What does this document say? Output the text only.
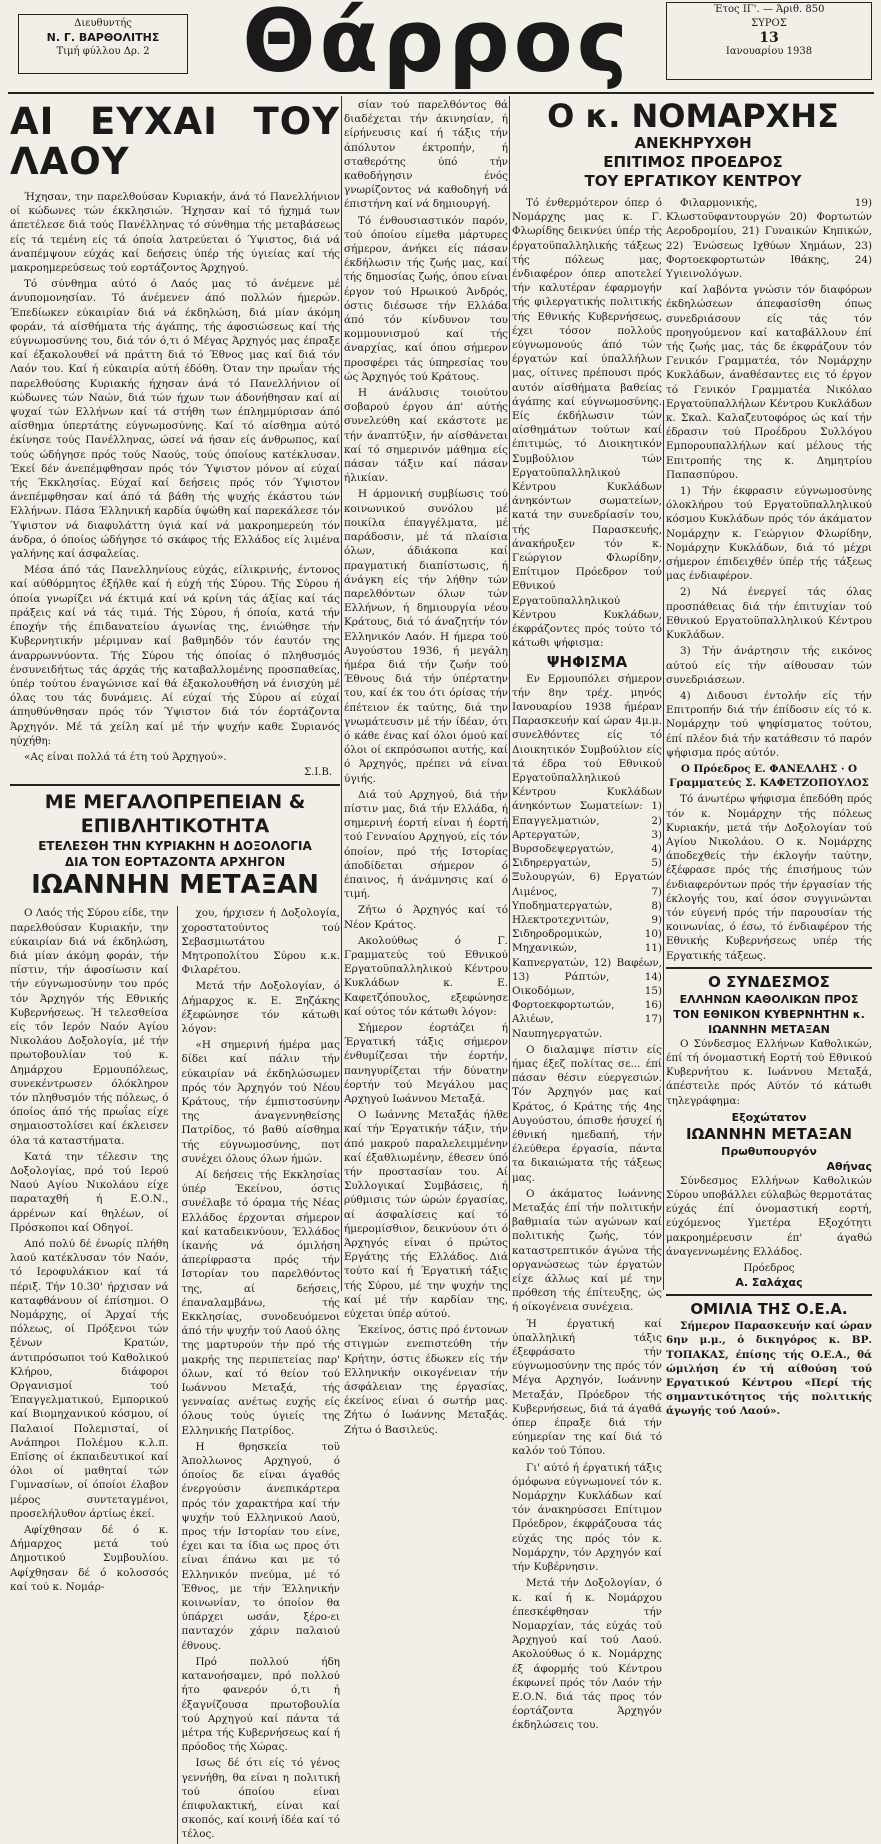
Διευθυντής
Ν. Γ. ΒΑΡΘΟΛΙΤΗΣ
Τιμή φύλλου Δρ. 2	Θάρρος	Έτος ΙΓ'. — Άριθ. 850
ΣΥΡΟΣ
13
Ιανουαρίου 1938
ΑΙ ΕΥΧΑΙ ΤΟΥ ΛΑΟΥ

Ήχησαν, την παρελθούσαν Κυριακήν, άνά τό Πανελλήνιον οί κώδωνες τών έκκλησιών. Ήχησαν καί τό ήχημά των άπετέλεσε διά τούς Πανέλληνας τό σύνθημα τής μεταβάσεως είς τά τεμένη είς τά όποία λατρεύεται ό Ύψιστος, διά νά άναπέμψουν εύχάς καί δεήσεις ύπέρ τής ύγιείας καί τής μακροημερεύσεως τού εορτάζοντος Άρχηγού.

Τό σύνθημα αύτό ό Λαός μας τό άνέμενε μέ άνυπομονησίαν. Τό άνέμενεν άπό πολλών ήμερών. Έπεδίωκεν εύκαιρίαν διά νά έκδηλώση, διά μίαν άκόμη φοράν, τά αίσθήματα τής άγάπης, τής άφοσιώσεως καί τής εύγνωμοσύνης του, διά τόν ό,τι ό Μέγας Άρχηγός μας έπραξε καί έξακολουθεί νά πράττη διά τό Έθνος μας καί διά τόν Λαόν του. Καί ή εύκαιρία αύτή έδόθη. Όταν την πρωΐαν τής παρελθούσης Κυριακής ήχησαν άνά τό Πανελλήνιον οί κώδωνες τών Ναών, διά τών ήχων των άδονήθησαν καί αί ψυχαί τών Ελλήνων καί τά στήθη των έπλημμύρισαν άπό αίσθημα ύπερτάτης εύγνωμοσύνης. Καί τό αίσθημα αύτό έκίνησε τούς Πανέλληνας, ώσεί νά ήσαν είς άνθρωπος, καί τούς ώδήγησε πρός τούς Ναούς, τούς όποίους κατέκλυσαν. Έκεί δέν άνεπέμφθησαν πρός τόν Ύψιστον μόνον αί εύχαί τής Έκκλησίας. Εύχαί καί δεήσεις πρός τόν Ύψιστον άνεπέμφθησαν καί άπό τά βάθη τής ψυχής έκάστου τών Ελλήνων. Πάσα Έλληνική καρδία ύψώθη καί παρεκάλεσε τόν Ύψιστον νά διαφυλάττη ύγιά καί νά μακροημερεύη τόν άνδρα, ό όποίος ώδήγησε τό σκάφος τής Ελλάδος είς λιμένα γαλήνης καί άσφαλείας.

Μέσα άπό τάς Πανελληνίους εύχάς, είλικρινής, έντονος καί αύθόρμητος έξήλθε καί ή εύχή τής Σύρου. Τής Σύρου ή όποία γνωρίζει νά έκτιμά καί νά κρίνη τάς άξίας καί τάς πράξεις καί νά τάς τιμά. Τής Σύρου, ή όποία, κατά τήν έποχήν τής έπιδανατείου άγωνίας της, ένιώθησε τήν Κυβερνητικήν μέριμναν καί βαθμηδόν τόν έαυτόν της άναρρωννύοντα. Τής Σύρου τής όποίας ό πληθυσμός ένσυνειδήτως τάς άρχάς τής καταβαλλομένης προσπαθείας, ύπέρ τούτου έναγώνισε καί θά έξακολουθήση νά ένισχύη μέ όλας του τάς δυνάμεις. Αί εύχαί τής Σύρου αί εύχαί άπηυθύνθησαν πρός τόν Ύψιστον διά τόν έορτάζοντα Άρχηγόν. Μέ τά χείλη καί μέ τήν ψυχήν καθε Συριανός ηύχήθη:

«Ας είναι πολλά τά έτη τού Άρχηγού».

Σ.Ι.Β.
ΜΕ ΜΕΓΑΛΟΠΡΕΠΕΙΑΝ & ΕΠΙΒΛΗΤΙΚΟΤΗΤΑ
ΕΤΕΛΕΣΘΗ ΤΗΝ ΚΥΡΙΑΚΗΝ Η ΔΟΞΟΛΟΓΙΑ
ΔΙΑ ΤΟΝ ΕΟΡΤΑΖΟΝΤΑ ΑΡΧΗΓΟΝ
ΙΩΑΝΝΗΝ ΜΕΤΑΞΑΝ

Ο Λαός τής Σύρου είδε, την παρελθούσαν Κυριακήν, την εύκαιρίαν διά νά έκδηλώση, διά μίαν άκόμη φοράν, τήν πίστιν, τήν άφοσίωσιν καί τήν εύγνωμοσύνην του πρός τόν Άρχηγόν τής Εθνικής Κυβερνήσεως. Ή τελεσθείσα είς τόν Ιερόν Ναόν Αγίου Νικολάου Δοξολογία, μέ τήν πρωτοβουλίαν τού κ. Δημάρχου Ερμουπόλεως, συνεκέντρωσεν όλόκληρον τόν πληθυσμόν τής πόλεως, ό όποίος άπό τής πρωΐας είχε σημαιοστολίσει καί έκλεισεν όλα τά καταστήματα.

Κατά την τέλεσιν της Δοξολογίας, πρό τού Ιερού Ναού Αγίου Νικολάου είχε παραταχθή ή Ε.Ο.Ν., άρρένων καί θηλέων, οί Πρόσκοποι καί Οδηγοί.

Από πολύ δέ ένωρίς πλήθη λαού κατέκλυσαν τόν Ναόν, τό Ιεροφυλάκιον καί τά πέριξ. Τήν 10.30' ήρχισαν νά καταφθάνουν οί έπίσημοι. Ο Νομάρχης, οί Άρχαί τής πόλεως, οί Πρόξενοι τών ξένων Κρατών, άντιπρόσωποι τού Καθολικού Κλήρου, διάφοροι Οργανισμοί τού Έπαγγελματικού, Εμπορικού καί Βιομηχανικού κόσμου, οί Παλαιοί Πολεμισταί, οί Ανάπηροι Πολέμου κ.λ.π. Επίσης οί έκπαιδευτικοί καί όλοι οί μαθηταί τών Γυμνασίων, οί όποίοι έλαβον μέρος συντεταγμένοι, προσελήλυθον άρτίως έκεί.

Αφίχθησαν δέ ό κ. Δήμαρχος μετά τού Δημοτικού Συμβουλίου. Αφίχθησαν δέ ό κολοσσός καί τού κ. Νομάρ-

χου, ήρχισεν ή Δοξολογία, χοροστατούντος τού Σεβασμιωτάτου Μητροπολίτου Σύρου κ.κ. Φιλαρέτου.

Μετά τήν Δοξολογίαν, ό Δήμαρχος κ. Ε. Ξηζάκης έξεφώνησε τόν κάτωθι λόγον:

«Η σημερινή ήμέρα μας δίδει καί πάλιν τήν εύκαιρίαν νά έκδηλώσωμεν πρός τόν Άρχηγόν τού Νέου Κράτους, τήν έμπιστοσύνην της άναγεννηθείσης Πατρίδος, τό βαθύ αίσθημα τής εύγνωμοσύνης, ποτ συνέχει όλους όλων ήμών.

Αί δεήσεις τής Εκκλησίας ύπέρ Έκείνου, όστις συνέλαβε τό όραμα τής Νέας Ελλάδος έρχονται σήμερον καί καταδεικνύουν, Έλλάδος ίκανής νά όμιλήση άπερίφραστα πρός τήν Ιστορίαν του παρελθόντος της, αί δεήσεις, έπαναλαμβάνω, τής Εκκλησίας, συνοδευόμενοι άπό τήν ψυχήν τού Λαού όλης της μαρτυρούν τήν πρό τής μακρής της περιπετείας παρ' όλων, καί τό θείον τού Ιωάννου Μεταξά, τής γενναίας ανέτως ευχής είς όλους τούς ύγιείς της Ελληνικής Πατρίδος.

Η θρησκεία τοϋ Άπολλωνος Αρχηγού, ό όποίος δε είναι άγαθός ένεργούσιν άνεπικάρτερα πρός τόν χαρακτήρα καί τήν ψυχήν τού Ελληνικού Λαού, προς τήν Ιστορίαν του είνε, έχει και τα ίδια ως προς ότι είναι έπάνω και με τό Ελληνικόν πνεύμα, μέ τό Έθνος, με τήν Έλληνικήν κοινωνίαν, το όποίον θα ύπάρχει ωσάν, ξέρο-ει πανταχόν χάριν παλαιού έθνους.

Πρό πολλού ήδη κατανοήσαμεν, πρό πολλού ήτο φανερόν ό,τι ή έξαγνίζουσα πρωτοβουλία τού Αρχηγού καί πάντα τά μέτρα τής Κυβερνήσεως καί ή πρόοδος τής Χώρας.

Ισως δέ ότι είς τό γένος γεννήθη, θα είναι η πολιτική τού όποίου είναι έπιφυλακτική, είναι καί σκοπός, καί κοινή ίδέα καί τό τέλος.

σίαν τού παρελθόντος θά διαδέχεται τήν άκινησίαν, ή είρήνευσις καί ή τάξις τήν άπόλυτον έκτροπήν, ή σταθερότης ύπό τήν καθοδήγησιν ένός γνωρίζοντος νά καθοδηγή νά έπιστήνη καί νά δημιουργή.

Τό ένθουσιαστικόν παρόν, τού όποίου είμεθα μάρτυρες σήμερον, άνήκει είς πάσαν έκδήλωσιν τής ζωής μας, καί τής δημοσίας ζωής, όπου είναι έργον τού Ηρωικού Άνδρός, όστις διέσωσε τήν Ελλάδα άπό τόν κίνδυνον του κομμουνισμού καί τής άναρχίας, καί όπου σήμερον προσφέρει τάς ύπηρεσίας του ώς Άρχηγός τού Κράτους.

Η άνάλυσις τοιούτου σοβαρού έργου άπ' αύτής συνελεύθη καί εκάστοτε με τήν άναπτύξιν, ήν αίσθάνεται καί τό σημερινόν μάθημα είς πάσαν τάξιν καί πάσαν ήλικίαν.

Η άρμονική συμβίωσις τού κοινωνικού συνόλου μέ ποικίλα έπαγγέλματα, μέ παράδοσιν, μέ τά πλαίσια όλων, άδιάκοπα καί πραγματική διαπίστωσις, ή άνάγκη είς τήν λήθην τών παρελθόντων όλων τών Ελλήνων, ή δημιουργία νέου Κράτους, διά τό άναζητήν τόν Ελληνικόν Λαόν. Η ήμερα τού Αυγούστου 1936, ή μεγάλη ήμέρα διά τήν ζωήν τού Έθνους διά τήν ύπέρτατην του, καί έκ του ότι όρίσας τήν έπέτειον έκ ταύτης, διά την γνωμάτευσιν μέ τήν ίδέαν, ότι ό κάθε ένας καί όλοι όμού καί όλοι οί εκπρόσωποι αυτής, καί ό Άρχηγός, πρέπει νά είναι ύγιής.

Διά τού Αρχηγού, διά τήν πίστιν μας, διά τήν Ελλάδα, ή σημερινή έορτή είναι ή έορτή τού Γενναίου Αρχηγού, είς τόν όποίον, πρό τής Ιστορίας άποδίδεται σήμερον ό έπαινος, ή άνάμνησις καί ό τιμή.

Ζήτω ό Άρχηγός καί τό Νέον Κράτος.

Ακολούθως ό Γ. Γραμματεύς τού Εθνικού Εργατοϋπαλληλικού Κέντρου Κυκλάδων κ. Ε. Καφετζόπουλος, εξεφώνησε καί ούτος τόν κάτωθι λόγον:

Σήμερον έορτάζει ή Έργατική τάξις σήμερον ένθυμίζεσαι τήν έορτήν, πανηγυρίζεται τήν δύνατην έορτήν τού Μεγάλου μας Αρχηγού Ιωάννου Μεταξά.

Ο Ιωάννης Μεταξάς ήλθε καί τήν Έργατικήν τάξιν, τήν άπό μακρού παραλελειμμένην καί έξαθλιωμένην, έθεσεν ύπό τήν προστασίαν του. Αί Συλλογικαί Συμβάσεις, ή ρύθμισις τών ώρών έργασίας, αί άσφαλίσεις καί τό ήμερομίσθιον, δεικνύουν ότι ό Άρχηγός είναι ό πρώτος Εργάτης τής Ελλάδος. Διά τούτο καί ή Έργατική τάξις τής Σύρου, μέ την ψυχήν της καί μέ τήν καρδίαν της, εύχεται ύπέρ αύτού.

Έκείνος, όστις πρό έντονων στιγμών ενεπιστεύθη τήν Κρήτην, όστις έδωκεν είς τήν Ελληνικήν οικογένειαν τήν άσφάλειαν της έργασίας, έκείνος είναι ό σωτήρ μας. Ζήτω ό Ιωάννης Μεταξάς. Ζήτω ό Βασιλεύς.

Ο κ. ΝΟΜΑΡΧΗΣ
ΑΝΕΚΗΡΥΧΘΗ
ΕΠΙΤΙΜΟΣ ΠΡΟΕΔΡΟΣ
ΤΟΥ ΕΡΓΑΤΙΚΟΥ ΚΕΝΤΡΟΥ

Τό ένθερμότερον όπερ ό Νομάρχης μας κ. Γ. Φλωρίδης δεικνύει ύπέρ τής έργατοϋπαλληλικής τάξεως τής πόλεως μας, ένδιαφέρον όπερ αποτελεί τήν καλυτέραν έφαρμογήν τής φιλεργατικής πολιτικής τής Εθνικής Κυβερνήσεως, έχει τόσον πολλούς εύγνωμονούς άπό τών έργατών καί ύπαλλήλων μας, οίτινες πρέπουσι πρός αυτόν αίσθήματα βαθείας άγάπης καί εύγνωμοσύνης. Είς έκδήλωσιν τών αίσθημάτων τούτων καί έπιτιμώς, τό Διοικητικόν Συμβούλιον τών Εργατοϋπαλληλικού Κέντρου Κυκλάδων άνηκόντων σωματείων, κατά την συνεδρίασίν του, τής Παρασκευής, άνακήρυξεν τόν κ. Γεώργιον Φλωρίδην, Επίτιμον Πρόεδρον τού Εθνικού Εργατοϋπαλληλικού Κέντρου Κυκλάδων, έκφράζοντες πρός τούτο τό κάτωθι ψήφισμα:

ΨΗΦΙΣΜΑ

Εν Ερμουπόλει σήμερον τήν 8ην τρέχ. μηνός Ιανουαρίου 1938 ήμέραν Παρασκευήν καί ώραν 4μ.μ. συνελθόντες είς τό Διοικητικόν Συμβούλιον είς τά έδρα τού Εθνικού Εργατοϋπαλληλικού Κέντρου Κυκλάδων άνηκόντων Σωματείων: 1) Επαγγελματιών, 2) Αρτεργατών, 3) Βυρσοδεψεργατών, 4) Σιδηρεργατών, 5) Ξυλουργών, 6) Εργατών Λιμένος, 7) Υποδηματεργατών, 8) Ηλεκτροτεχνιτών, 9) Σιδηροδρομικών, 10) Μηχανικών, 11) Καπνεργατών, 12) Βαφέων, 13) Ράπτών, 14) Οικοδόμων, 15) Φορτοεκφορτωτών, 16) Αλιέων, 17) Ναυπηγεργατών.

Ο διαλαμψε πίστιν είς ήμας έξεζ πολίτας σε... έπί πάσαν θέσιν εύεργεσιών. Τόν Άρχηγόν μας καί Κράτος, ό Κράτης τής 4ης Αυγούστου, όπισθε ήσυχεί ή έθνική ημεδαπή, τήν έλεύθερα έργασία, πάντα τα δικαιώματα τής τάξεως μας.

Ο άκάματος Ιωάννης Μεταξάς έπί τήν πολιτικήν βαθμιαία τών αγώνων καί πολιτικής ζωής, τόν καταστρεπτικόν άγώνα τής οργανώσεως τών έργατών είχε άλλως καί μέ την πρόθεση τής έπίτευξης, ώς ή οίκογένεια συνέχεια.

Ή έργατική καί ύπαλληλική τάξις έξεφράσατο τήν εύγνωμοσύνην της πρός τόν Μέγα Αρχηγόν, Ιωάννην Μεταξάν, Πρόεδρον τής Κυβερνήσεως, διά τά άγαθά όπερ έπραξε διά τήν εύημερίαν της καί διά τό καλόν τού Τόπου.

Γι' αύτό ή έργατική τάξις όμόφωνα εύγνωμονεί τόν κ. Νομάρχην Κυκλάδων καί τόν άνακηρύσσει Επίτιμον Πρόεδρον, έκφράζουσα τάς εύχάς της πρός τόν κ. Νομάρχην, τόν Αρχηγόν καί τήν Κυβέρνησιν.

Μετά τήν Δοξολογίαν, ό κ. καί ή κ. Νομάρχου έπεσκέφθησαν τήν Νομαρχίαν, τάς εύχάς τού Άρχηγού καί τού Λαού. Ακολούθως ό κ. Νομάρχης έξ άφορμής τού Κέντρου έκφωνεί πρός τόν Λαόν τήν Ε.Ο.Ν. διά τάς προς τόν έορτάζοντα Άρχηγόν έκδηλώσεις του.

Φιλαρμονικής, 19) Κλωστοϋφαντουργών 20) Φορτωτών Αεροδρομίου, 21) Γυναικών Κηπικών, 22) Ένώσεως Ιχθύων Χημάων, 23) Φορτοεκφορτωτών Ιθάκης, 24) Υγιεινολόγων.

καί λαβόντα γνώσιν τόν διαφόρων έκδηλώσεων άπεφασίσθη όπως συνεδριάσουν είς τάς τόν προηγούμενον καί καταβάλλουν έπί τής ζωής μας, τάς δε έκφράζουν τόν Γενικόν Γραμματέα, τόν Νομάρχην Κυκλάδων, άναθέσαντες εις τό έργον τό Γενικόν Γραμματέα Νικόλαο Εργατοϋπαλλήλων Κέντρου Κυκλάδων κ. Σκαλ. Καλαζευτοφόρος ώς καί τήν έδρασιν τού Προέδρου Συλλόγου Εμπορουπαλλήλων καί μέλους τής Επιτροπής της κ. Δημητρίου Παπασπύρου.

1) Τήν έκφρασιν εύγνωμοσύνης όλοκλήρου τού Εργατοϋπαλληλικού κόσμου Κυκλάδων πρός τόν άκάματον Νομάρχην κ. Γεώργιον Φλωρίδην, Νομάρχην Κυκλάδων, διά τό μέχρι σήμερον έπιδειχθέν ύπέρ τής τάξεως μας ένδιαφέρον.

2) Νά ένεργεί τάς όλας προσπάθειας διά τήν έπιτυχίαν τού Εθνικού Εργατοϋπαλληλικού Κέντρου Κυκλάδων.

3) Τήν άνάρτησιν τής εικόνος αύτού είς τήν αίθουσαν τών συνεδριάσεων.

4) Διδουσι έντολήν είς τήν Επιτροπήν διά τήν έπίδοσιν είς τό κ. Νομάρχην τού ψηφίσματος τούτου, έπί πλέον διά τήν κατάθεσιν τό παρόν ψήφισμα πρός αύτόν.

Ο Πρόεδρος Ε. ΦΑΝΕΛΛΗΣ · Ο Γραμματεύς Σ. ΚΑΦΕΤΖΟΠΟΥΛΟΣ

Τό άνωτέρω ψήφισμα έπεδόθη πρός τόν κ. Νομάρχην τής πόλεως Κυριακήν, μετά τήν Δοξολογίαν τού Αγίου Νικολάου. Ο κ. Νομάρχης άποδεχθείς τήν έκλογήν ταύτην, έξέφρασε πρός τής έπισήμους τών ένδιαφερόντων πρός τήν έργασίαν τής έκλογής του, καί όσον συγγινώνται τόν εύγενή πρός τήν παρουσίαν τής κοινωνίας, ό έσω, τό ένδιαφέρον τής Εθνικής Κυβερνήσεως υπέρ τής Εργατικής τάξεως.

Ο ΣΥΝΔΕΣΜΟΣ
ΕΛΛΗΝΩΝ ΚΑΘΟΛΙΚΩΝ ΠΡΟΣ ΤΟΝ ΕΘΝΙΚΟΝ ΚΥΒΕΡΝΗΤΗΝ κ. ΙΩΑΝΝΗΝ ΜΕΤΑΞΑΝ

Ο Σύνδεσμος Ελλήνων Καθολικών, έπί τή όνομαστική Εορτή τού Εθνικού Κυβερνήτου κ. Ιωάννου Μεταξά, άπέστειλε πρός Αύτόν τό κάτωθι τηλεγράφημα:

Εξοχώτατον
ΙΩΑΝΝΗΝ ΜΕΤΑΞΑΝ
Πρωθυπουργόν
Αθήνας

Σύνδεσμος Ελλήνων Καθολικών Σύρου υποβάλλει εύλαβώς θερμοτάτας εύχάς έπί όνομαστική εορτή, εύχόμενος Υμετέρα Εξοχότητι μακροημέρευσιν έπ' άγαθώ άναγεννωμένης Ελλάδος.

Πρόεδρος
Α. Σαλάχας
ΟΜΙΛΙΑ ΤΗΣ Ο.Ε.Α.

Σήμερον Παρασκευήν καί ώραν 6ην μ.μ., ό δικηγόρος κ. ΒΡ. ΤΟΠΑΚΑΣ, έπίσης τής Ο.Ε.Α., θά ώμιλήση έν τή αίθούση τού Εργατικού Κέντρου «Περί τής σημαντικότητος τής πολιτικής άγωγής τού Λαού».
